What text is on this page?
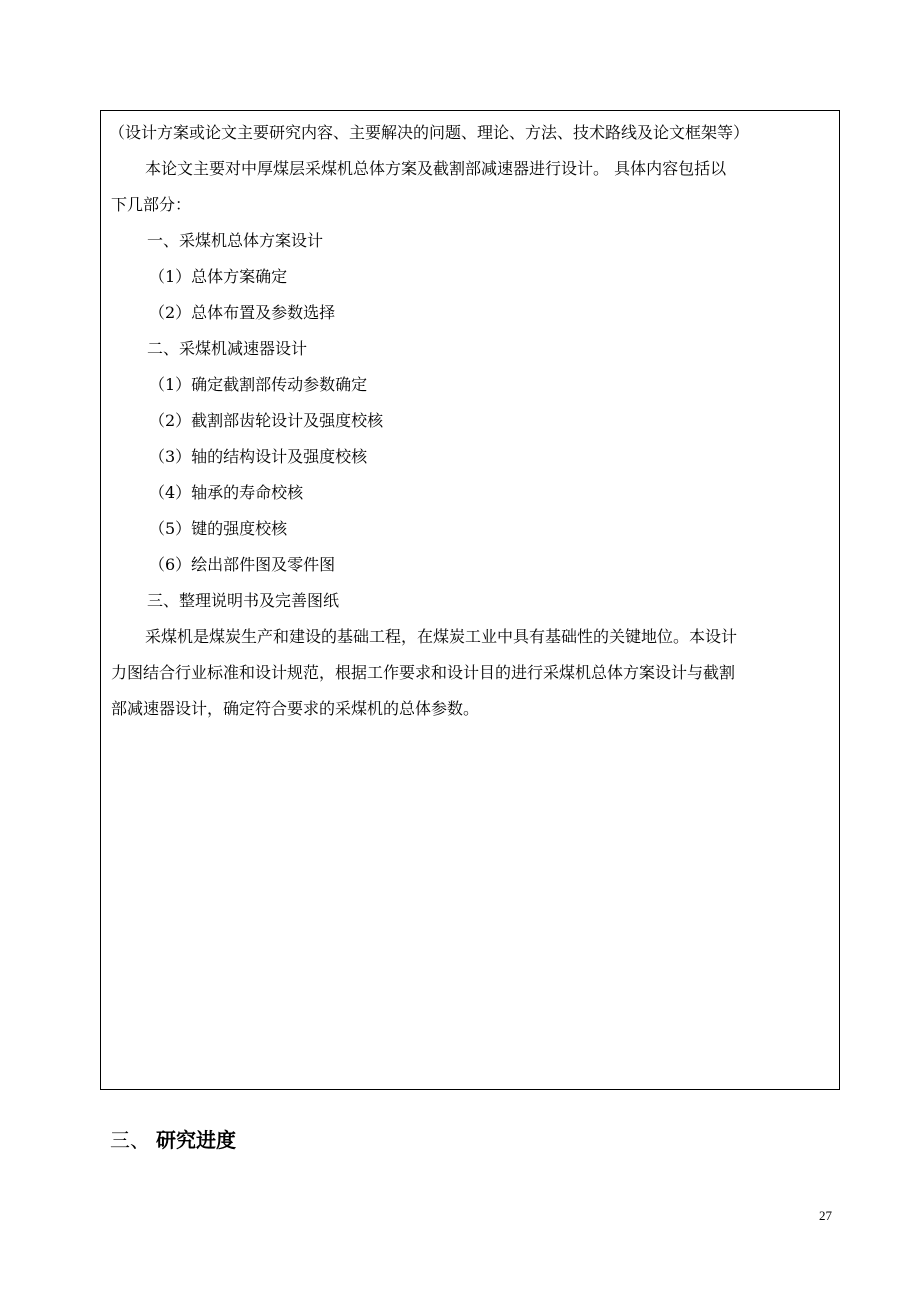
（设计方案或论文主要研究内容、主要解决的问题、理论、方法、技术路线及论文框架等）
本论文主要对中厚煤层采煤机总体方案及截割部减速器进行设计。 具体内容包括以
下几部分：
一、采煤机总体方案设计
（1）总体方案确定
（2）总体布置及参数选择
二、采煤机减速器设计
（1）确定截割部传动参数确定
（2）截割部齿轮设计及强度校核
（3）轴的结构设计及强度校核
（4）轴承的寿命校核
（5）键的强度校核
（6）绘出部件图及零件图
三、整理说明书及完善图纸
采煤机是煤炭生产和建设的基础工程，在煤炭工业中具有基础性的关键地位。本设计
力图结合行业标准和设计规范，根据工作要求和设计目的进行采煤机总体方案设计与截割
部减速器设计，确定符合要求的采煤机的总体参数。
三、 研究进度
27
